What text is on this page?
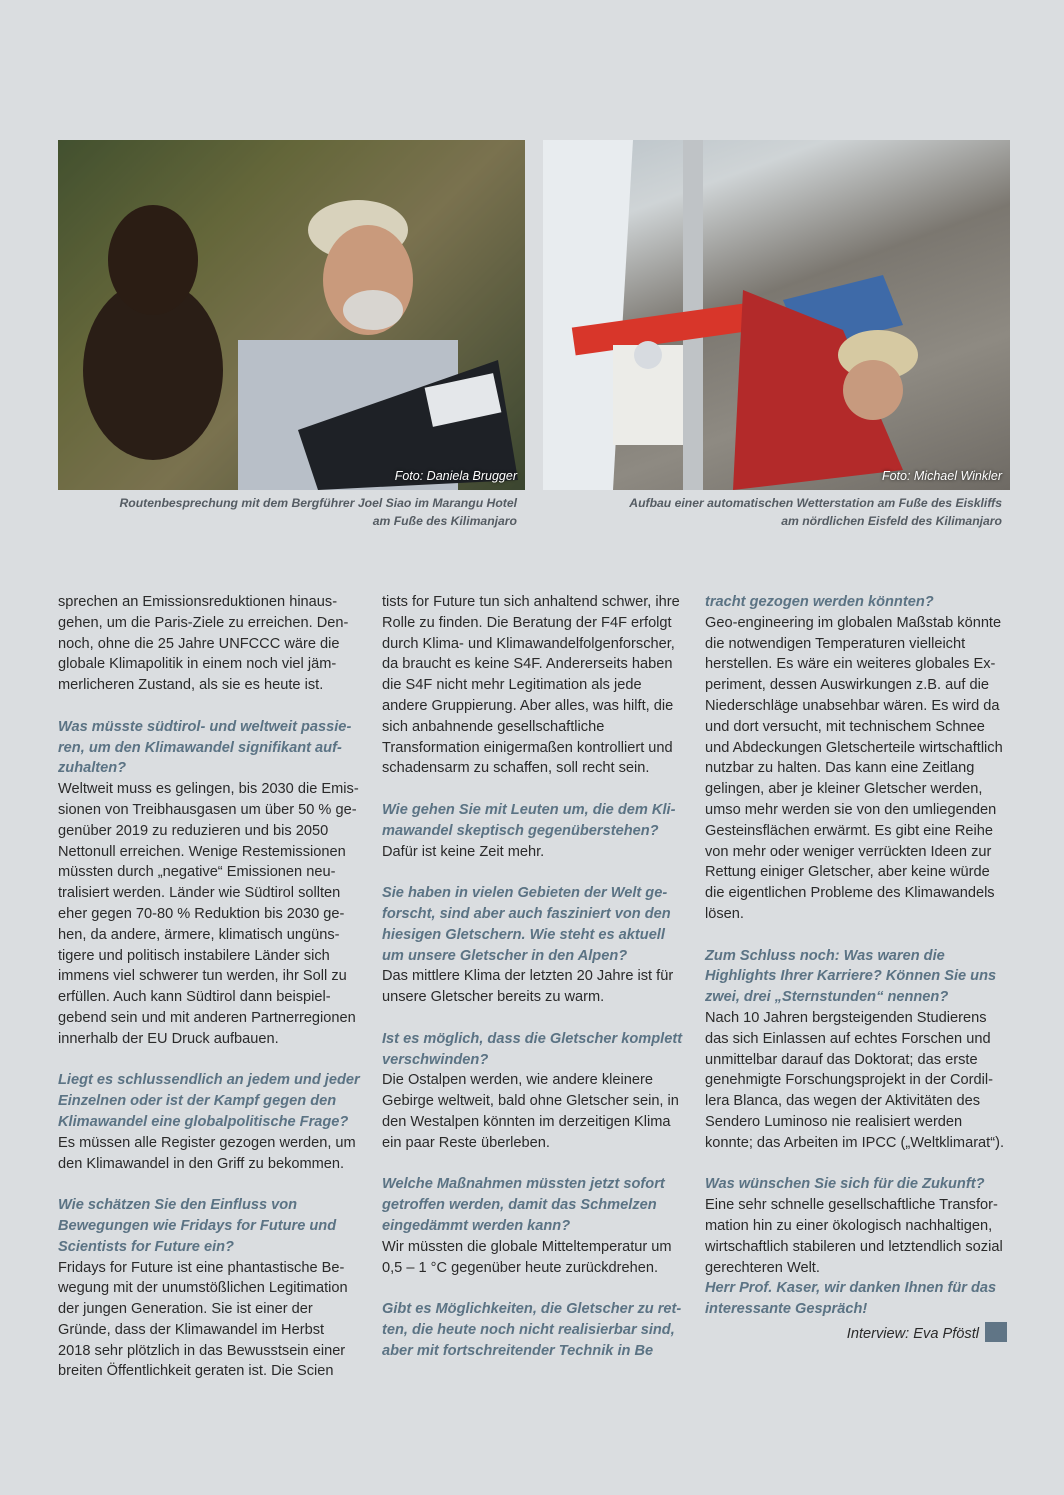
Foto: Daniela Brugger	Foto: Michael Winkler
Routenbesprechung mit dem Bergführer Joel Siao im Marangu Hotel
am Fuße des Kilimanjaro
Aufbau einer automatischen Wetterstation am Fuße des Eiskliffs
am nördlichen Eisfeld des Kilimanjaro

sprechen an Emissionsreduktionen hinausgehen, um die Paris-Ziele zu erreichen. Dennoch, ohne die 25 Jahre UNFCCC wäre die globale Klimapolitik in einem noch viel jämmerlicheren Zustand, als sie es heute ist.

Was müsste südtirol- und weltweit passieren, um den Klimawandel signifikant aufzuhalten?
Weltweit muss es gelingen, bis 2030 die Emissionen von Treibhausgasen um über 50 % gegenüber 2019 zu reduzieren und bis 2050 Nettonull erreichen. Wenige Restemissionen müssten durch „negative“ Emissionen neutralisiert werden. Länder wie Südtirol sollten eher gegen 70-80 % Reduktion bis 2030 gehen, da andere, ärmere, klimatisch ungünstigere und politisch instabilere Länder sich immens viel schwerer tun werden, ihr Soll zu erfüllen. Auch kann Südtirol dann beispielgebend sein und mit anderen Partnerregionen innerhalb der EU Druck aufbauen.

Liegt es schlussendlich an jedem und jeder Einzelnen oder ist der Kampf gegen den Klimawandel eine globalpolitische Frage?
Es müssen alle Register gezogen werden, um den Klimawandel in den Griff zu bekommen.

Wie schätzen Sie den Einfluss von Bewegungen wie Fridays for Future und Scientists for Future ein?
Fridays for Future ist eine phantastische Bewegung mit der unumstößlichen Legitimation der jungen Generation. Sie ist einer der Gründe, dass der Klimawandel im Herbst 2018 sehr plötzlich in das Bewusstsein einer breiten Öffentlichkeit geraten ist. Die Scien

tists for Future tun sich anhaltend schwer, ihre Rolle zu finden. Die Beratung der F4F erfolgt durch Klima- und Klimawandelfolgenforscher, da braucht es keine S4F. Andererseits haben die S4F nicht mehr Legitimation als jede andere Gruppierung. Aber alles, was hilft, die sich anbahnende gesellschaftliche Transformation einigermaßen kontrolliert und schadensarm zu schaffen, soll recht sein.

Wie gehen Sie mit Leuten um, die dem Klimawandel skeptisch gegenüberstehen?
Dafür ist keine Zeit mehr.

Sie haben in vielen Gebieten der Welt geforscht, sind aber auch fasziniert von den hiesigen Gletschern. Wie steht es aktuell um unsere Gletscher in den Alpen?
Das mittlere Klima der letzten 20 Jahre ist für unsere Gletscher bereits zu warm.

Ist es möglich, dass die Gletscher komplett verschwinden?
Die Ostalpen werden, wie andere kleinere Gebirge weltweit, bald ohne Gletscher sein, in den Westalpen könnten im derzeitigen Klima ein paar Reste überleben.

Welche Maßnahmen müssten jetzt sofort getroffen werden, damit das Schmelzen eingedämmt werden kann?
Wir müssten die globale Mitteltemperatur um 0,5 – 1 °C gegenüber heute zurückdrehen.

Gibt es Möglichkeiten, die Gletscher zu retten, die heute noch nicht realisierbar sind, aber mit fortschreitender Technik in Be

tracht gezogen werden könnten?
Geo-engineering im globalen Maßstab könnte die notwendigen Temperaturen vielleicht herstellen. Es wäre ein weiteres globales Experiment, dessen Auswirkungen z.B. auf die Niederschläge unabsehbar wären. Es wird da und dort versucht, mit technischem Schnee und Abdeckungen Gletscherteile wirtschaftlich nutzbar zu halten. Das kann eine Zeitlang gelingen, aber je kleiner Gletscher werden, umso mehr werden sie von den umliegenden Gesteinsflächen erwärmt. Es gibt eine Reihe von mehr oder weniger verrückten Ideen zur Rettung einiger Gletscher, aber keine würde die eigentlichen Probleme des Klimawandels lösen.

Zum Schluss noch: Was waren die Highlights Ihrer Karriere? Können Sie uns zwei, drei „Sternstunden“ nennen?
Nach 10 Jahren bergsteigenden Studierens das sich Einlassen auf echtes Forschen und unmittelbar darauf das Doktorat; das erste genehmigte Forschungsprojekt in der Cordillera Blanca, das wegen der Aktivitäten des Sendero Luminoso nie realisiert werden konnte; das Arbeiten im IPCC („Weltklimarat“).

Was wünschen Sie sich für die Zukunft?
Eine sehr schnelle gesellschaftliche Transformation hin zu einer ökologisch nachhaltigen, wirtschaftlich stabileren und letztendlich sozial gerechteren Welt.
Herr Prof. Kaser, wir danken Ihnen für das interessante Gespräch!
Interview: Eva Pföstl
